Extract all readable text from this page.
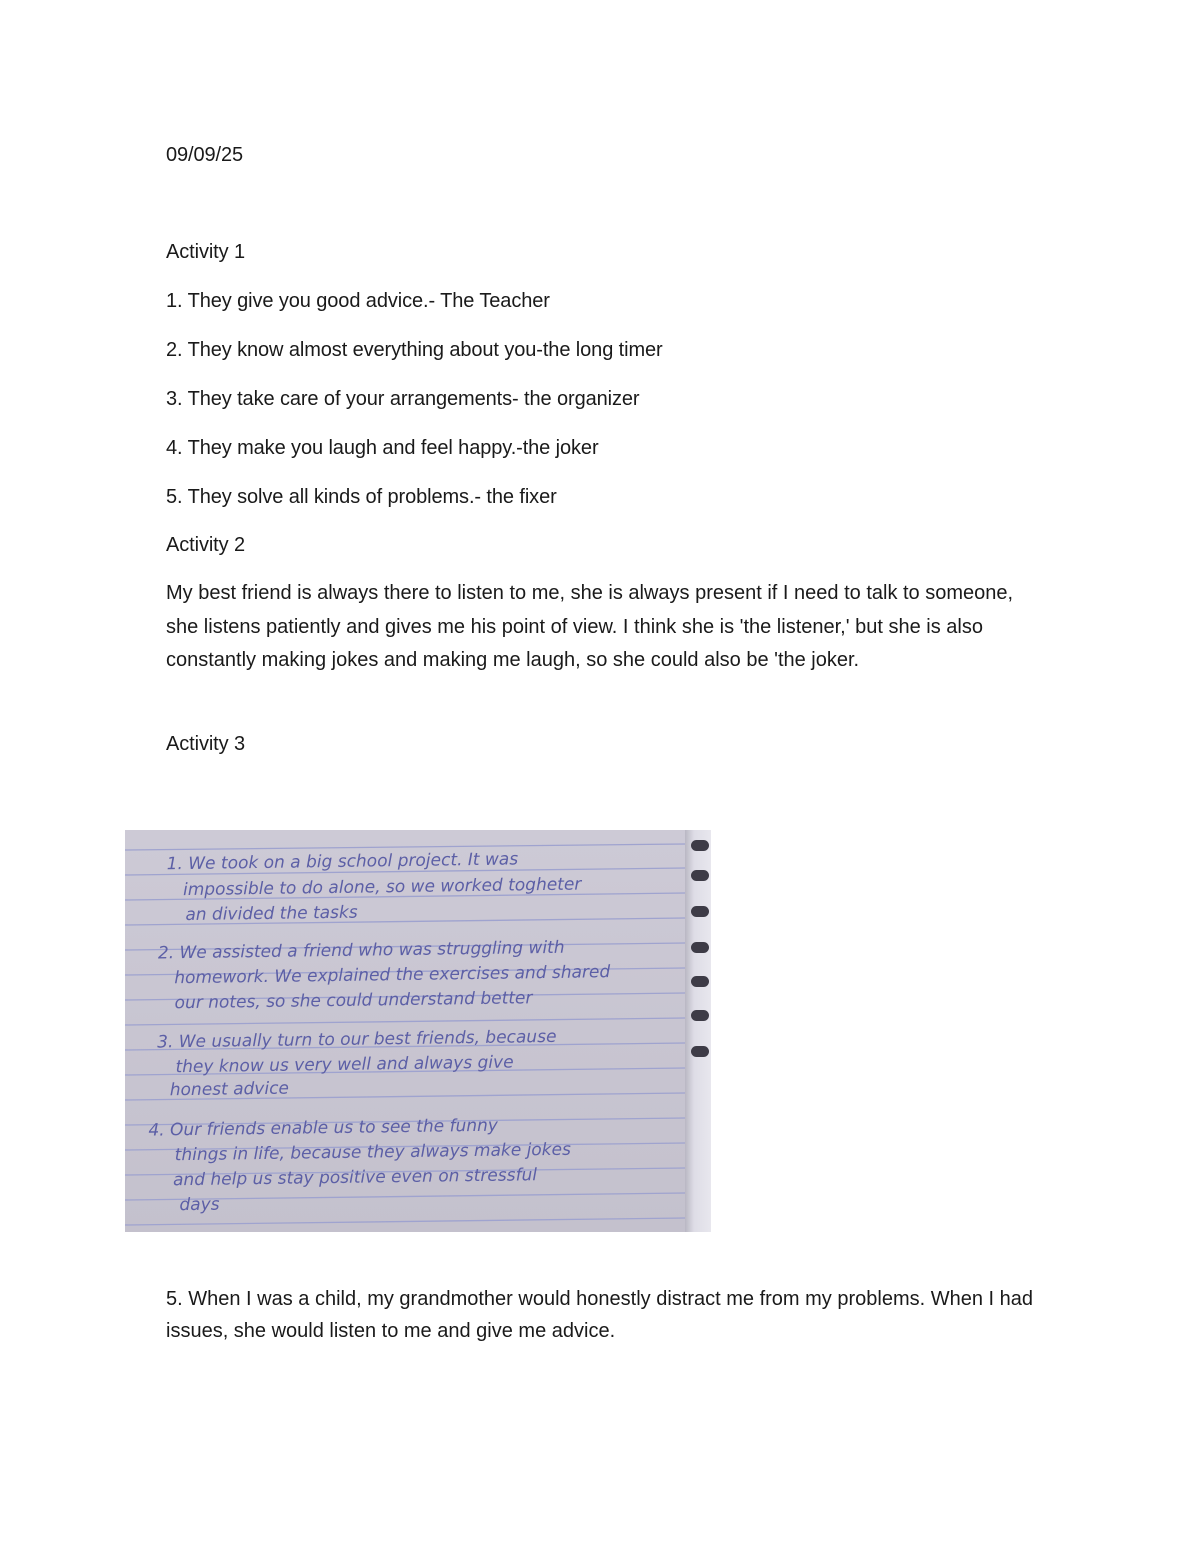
09/09/25
Activity 1
1. They give you good advice.- The Teacher
2. They know almost everything about you-the long timer
3. They take care of your arrangements- the organizer
4. They make you laugh and feel happy.-the joker
5. They solve all kinds of problems.- the fixer
Activity 2
My best friend is always there to listen to me, she is always present if I need to talk to someone, she listens patiently and gives me his point of view. I think she is 'the listener,' but she is also constantly making jokes and making me laugh, so she could also be 'the joker.
Activity 3
1. We took on a big school project. It was
impossible to do alone, so we worked togheter
an divided the tasks
2. We assisted a friend who was struggling with
homework. We explained the exercises and shared
our notes, so she could understand better
3. We usually turn to our best friends, because
they know us very well and always give
honest advice
4. Our friends enable us to see the funny
things in life, because they always make jokes
and help us stay positive even on stressful
days
5. When I was a child, my grandmother would honestly distract me from my problems. When I had issues, she would listen to me and give me advice.
